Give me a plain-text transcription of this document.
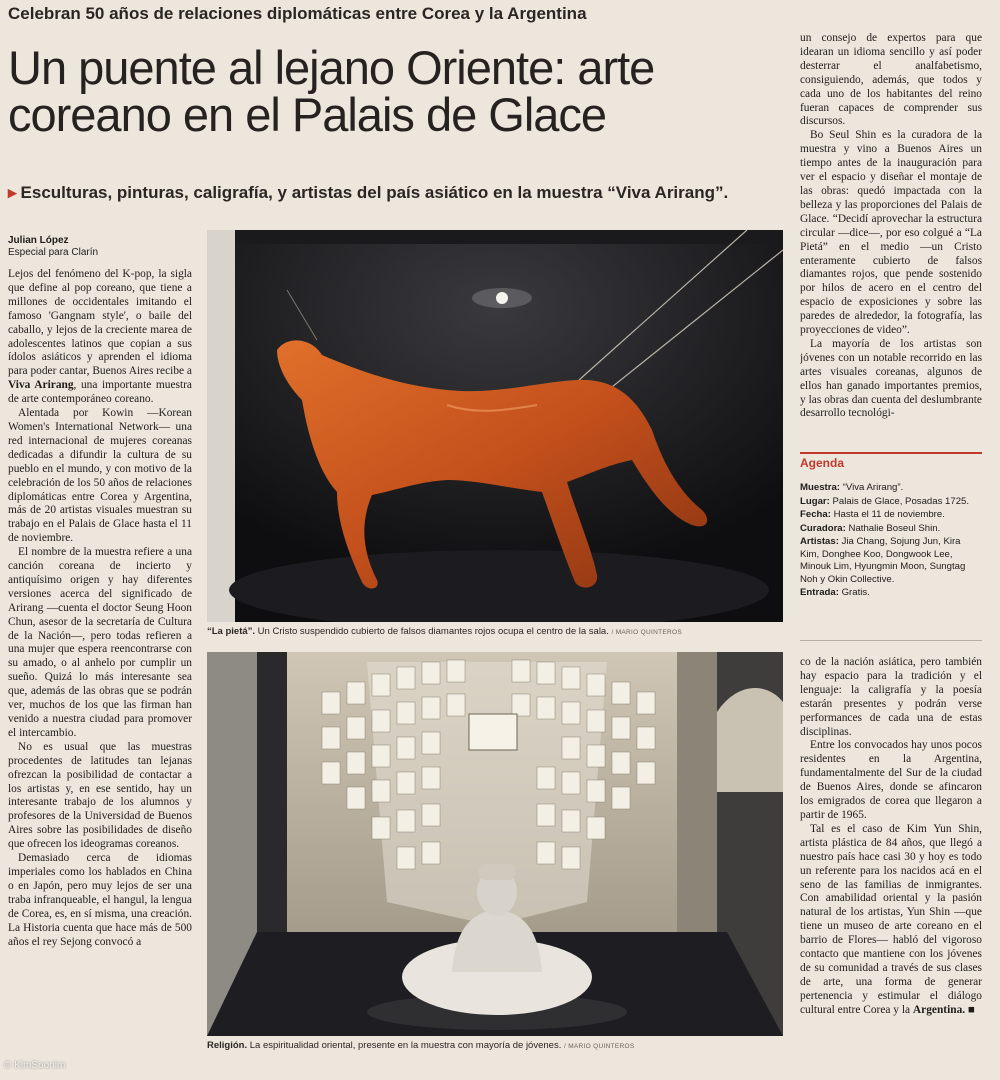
Celebran 50 años de relaciones diplomáticas entre Corea y la Argentina
Un puente al lejano Oriente: arte coreano en el Palais de Glace
▸ Esculturas, pinturas, caligrafía, y artistas del país asiático en la muestra “Viva Arirang”.
Julian López
Especial para Clarín

Lejos del fenómeno del K-pop, la sigla que define al pop coreano, que tiene a millones de occidentales imitando el famoso 'Gangnam style', o baile del caballo, y lejos de la creciente marea de adolescentes latinos que copian a sus ídolos asiáticos y aprenden el idioma para poder cantar, Buenos Aires recibe a Viva Arirang, una importante muestra de arte contemporáneo coreano.

Alentada por Kowin —Korean Women's International Network— una red internacional de mujeres coreanas dedicadas a difundir la cultura de su pueblo en el mundo, y con motivo de la celebración de los 50 años de relaciones diplomáticas entre Corea y Argentina, más de 20 artistas visuales muestran su trabajo en el Palais de Glace hasta el 11 de noviembre.

El nombre de la muestra refiere a una canción coreana de incierto y antiquísimo origen y hay diferentes versiones acerca del significado de Arirang —cuenta el doctor Seung Hoon Chun, asesor de la secretaría de Cultura de la Nación—, pero todas refieren a una mujer que espera reencontrarse con su amado, o al anhelo por cumplir un sueño. Quizá lo más interesante sea que, además de las obras que se podrán ver, muchos de los que las firman han venido a nuestra ciudad para promover el intercambio.

No es usual que las muestras procedentes de latitudes tan lejanas ofrezcan la posibilidad de contactar a los artistas y, en ese sentido, hay un interesante trabajo de los alumnos y profesores de la Universidad de Buenos Aires sobre las posibilidades de diseño que ofrecen los ideogramas coreanos.

Demasiado cerca de idiomas imperiales como los hablados en China o en Japón, pero muy lejos de ser una traba infranqueable, el hangul, la lengua de Corea, es, en sí misma, una creación. La Historia cuenta que hace más de 500 años el rey Sejong convocó a

“La pietá”. Un Cristo suspendido cubierto de falsos diamantes rojos ocupa el centro de la sala. / MARIO QUINTEROS
Religión. La espiritualidad oriental, presente en la muestra con mayoría de jóvenes. / MARIO QUINTEROS

un consejo de expertos para que idearan un idioma sencillo y así poder desterrar el analfabetismo, consiguiendo, además, que todos y cada uno de los habitantes del reino fueran capaces de comprender sus discursos.

Bo Seul Shin es la curadora de la muestra y vino a Buenos Aires un tiempo antes de la inauguración para ver el espacio y diseñar el montaje de las obras: quedó impactada con la belleza y las proporciones del Palais de Glace. “Decidí aprovechar la estructura circular —dice—, por eso colgué a “La Pietá” en el medio —un Cristo enteramente cubierto de falsos diamantes rojos, que pende sostenido por hilos de acero en el centro del espacio de exposiciones y sobre las paredes de alrededor, la fotografía, las proyecciones de video”.

La mayoría de los artistas son jóvenes con un notable recorrido en las artes visuales coreanas, algunos de ellos han ganado importantes premios, y las obras dan cuenta del deslumbrante desarrollo tecnológi-

Agenda
Muestra: “Viva Arirang”.
Lugar: Palais de Glace, Posadas 1725.
Fecha: Hasta el 11 de noviembre.
Curadora: Nathalie Boseul Shin.
Artistas: Jia Chang, Sojung Jun, Kira Kim, Donghee Koo, Dongwook Lee, Minouk Lim, Hyungmin Moon, Sungtag Noh y Okin Collective.
Entrada: Gratis.

co de la nación asiática, pero también hay espacio para la tradición y el lenguaje: la caligrafía y la poesía estarán presentes y podrán verse performances de cada una de estas disciplinas.

Entre los convocados hay unos pocos residentes en la Argentina, fundamentalmente del Sur de la ciudad de Buenos Aires, donde se afincaron los emigrados de corea que llegaron a partir de 1965.

Tal es el caso de Kim Yun Shin, artista plástica de 84 años, que llegó a nuestro país hace casi 30 y hoy es todo un referente para los nacidos acá en el seno de las familias de inmigrantes. Con amabilidad oriental y la pasión natural de los artistas, Yun Shin —que tiene un museo de arte coreano en el barrio de Flores— habló del vigoroso contacto que mantiene con los jóvenes de su comunidad a través de sus clases de arte, una forma de generar pertenencia y estimular el diálogo cultural entre Corea y la Argentina. ■

© KimSoonim
